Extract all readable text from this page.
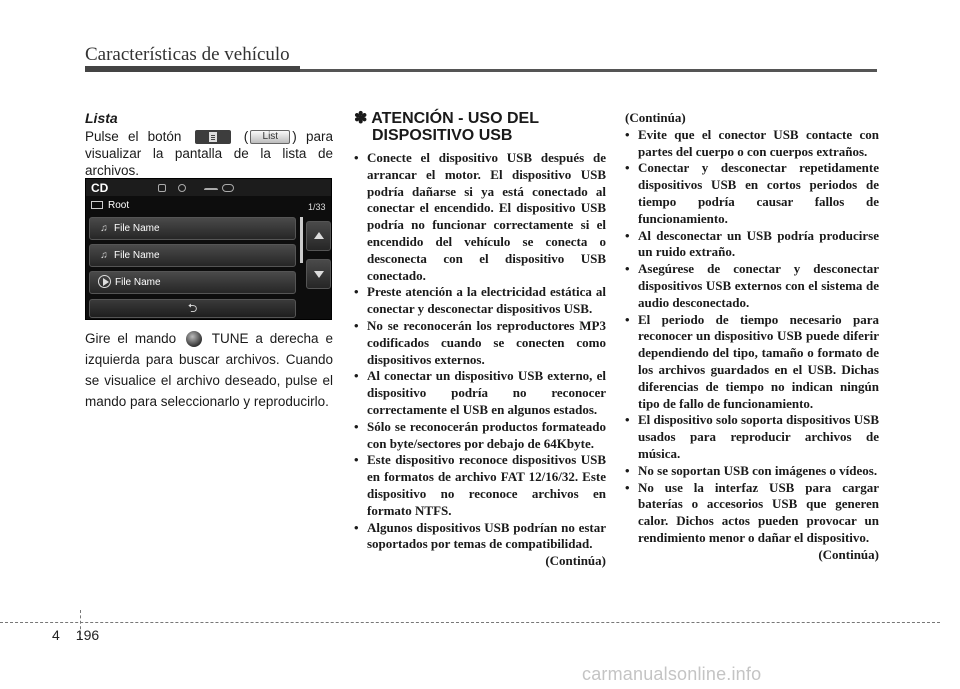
Características de vehículo
Lista
Pulse el botón	( List ) para visualizar la pantalla de la lista de archivos.
CD
Root	1/33
♫ File Name
♫ File Name
File Name
⮌
Gire el mando	TUNE a derecha e izquierda para buscar archivos. Cuando se visualice el archivo deseado, pulse el mando para seleccionarlo y reproducirlo.
✽ ATENCIÓN - USO DEL
DISPOSITIVO USB
• Conecte el dispositivo USB después de arrancar el motor. El dispositivo USB podría dañarse si ya está conectado al conectar el encendido. El dispositivo USB podría no funcionar correctamente si el encendido del vehículo se conecta o desconecta con el dispositivo USB conectado.
• Preste atención a la electricidad estática al conectar y desconectar dispositivos USB.
• No se reconocerán los reproductores MP3 codificados cuando se conecten como dispositivos externos.
• Al conectar un dispositivo USB externo, el dispositivo podría no reconocer correctamente el USB en algunos estados.
• Sólo se reconocerán productos formateado con byte/sectores por debajo de 64Kbyte.
• Este dispositivo reconoce dispositivos USB en formatos de archivo FAT 12/16/32. Este dispositivo no reconoce archivos en formato NTFS.
• Algunos dispositivos USB podrían no estar soportados por temas de compatibilidad.
(Continúa)
(Continúa)
• Evite que el conector USB contacte con partes del cuerpo o con cuerpos extraños.
• Conectar y desconectar repetidamente dispositivos USB en cortos periodos de tiempo podría causar fallos de funcionamiento.
• Al desconectar un USB podría producirse un ruido extraño.
• Asegúrese de conectar y desconectar dispositivos USB externos con el sistema de audio desconectado.
• El periodo de tiempo necesario para reconocer un dispositivo USB puede diferir dependiendo del tipo, tamaño o formato de los archivos guardados en el USB. Dichas diferencias de tiempo no indican ningún tipo de fallo de funcionamiento.
• El dispositivo solo soporta dispositivos USB usados para reproducir archivos de música.
• No se soportan USB con imágenes o vídeos.
• No use la interfaz USB para cargar baterías o accesorios USB que generen calor. Dichos actos pueden provocar un rendimiento menor o dañar el dispositivo.
(Continúa)
4 196
carmanualsonline.info
